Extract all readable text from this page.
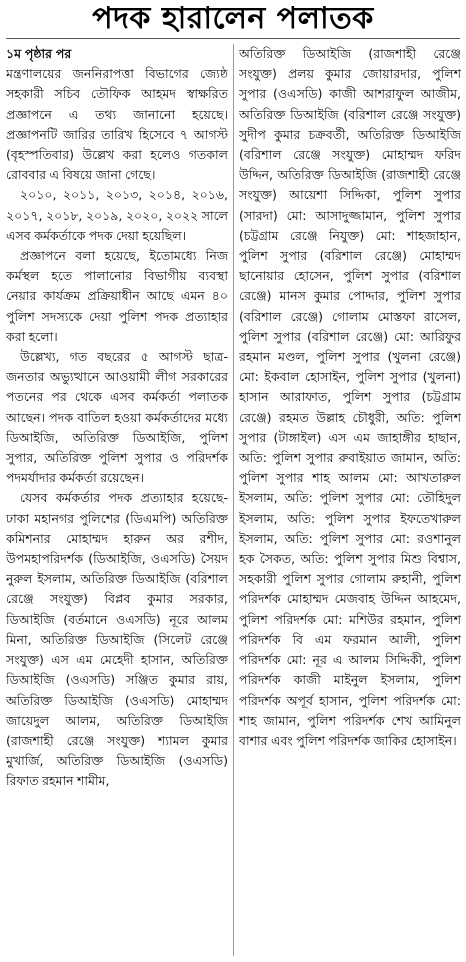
পদক হারালেন পলাতক

১ম পৃষ্ঠার পর
মন্ত্রণালয়ের জননিরাপত্তা বিভাগের জ্যেষ্ঠ সহকারী সচিব তৌফিক আহমদ স্বাক্ষরিত প্রজ্ঞাপনে এ তথ্য জানানো হয়েছে। প্রজ্ঞাপনটি জারির তারিখ হিসেবে ৭ আগস্ট (বৃহস্পতিবার) উল্লেখ করা হলেও গতকাল রোববার এ বিষয়ে জানা গেছে।

২০১০, ২০১১, ২০১৩, ২০১৪, ২০১৬, ২০১৭, ২০১৮, ২০১৯, ২০২০, ২০২২ সালে এসব কর্মকর্তাকে পদক দেয়া হয়েছিল।

প্রজ্ঞাপনে বলা হয়েছে, ইতোমধ্যে নিজ কর্মস্থল হতে পালানোর বিভাগীয় ব্যবস্থা নেয়ার কার্যক্রম প্রক্রিয়াধীন আছে এমন ৪০ পুলিশ সদস্যকে দেয়া পুলিশ পদক প্রত্যাহার করা হলো।

উল্লেখ্য, গত বছরের ৫ আগস্ট ছাত্র-জনতার অভ্যুত্থানে আওয়ামী লীগ সরকারের পতনের পর থেকে এসব কর্মকর্তা পলাতক আছেন। পদক বাতিল হওয়া কর্মকর্তাদের মধ্যে ডিআইজি, অতিরিক্ত ডিআইজি, পুলিশ সুপার, অতিরিক্ত পুলিশ সুপার ও পরিদর্শক পদমর্যাদার কর্মকর্তা রয়েছেন।

যেসব কর্মকর্তার পদক প্রত্যাহার হয়েছে- ঢাকা মহানগর পুলিশের (ডিএমপি) অতিরিক্ত কমিশনার মোহাম্মদ হারুন অর রশীদ, উপমহাপরিদর্শক (ডিআইজি, ওএসডি) সৈয়দ নুরুল ইসলাম, অতিরিক্ত ডিআইজি (বরিশাল রেঞ্জে সংযুক্ত) বিপ্লব কুমার সরকার, ডিআইজি (বর্তমানে ওএসডি) নূরে আলম মিনা, অতিরিক্ত ডিআইজি (সিলেট রেঞ্জে সংযুক্ত) এস এম মেহেদী হাসান, অতিরিক্ত ডিআইজি (ওএসডি) সঞ্জিত কুমার রায়, অতিরিক্ত ডিআইজি (ওএসডি) মোহাম্মদ জায়েদুল আলম, অতিরিক্ত ডিআইজি (রাজশাহী রেঞ্জে সংযুক্ত) শ্যামল কুমার মুখার্জি, অতিরিক্ত ডিআইজি (ওএসডি) রিফাত রহমান শামীম,

অতিরিক্ত ডিআইজি (রাজশাহী রেঞ্জে সংযুক্ত) প্রলয় কুমার জোয়ারদার, পুলিশ সুপার (ওএসডি) কাজী আশরাফুল আজীম, অতিরিক্ত ডিআইজি (বরিশাল রেঞ্জে সংযুক্ত) সুদীপ কুমার চক্রবর্তী, অতিরিক্ত ডিআইজি (বরিশাল রেঞ্জে সংযুক্ত) মোহাম্মদ ফরিদ উদ্দিন, অতিরিক্ত ডিআইজি (রাজশাহী রেঞ্জে সংযুক্ত) আয়েশা সিদ্দিকা, পুলিশ সুপার (সারদা) মো: আসাদুজ্জামান, পুলিশ সুপার (চট্টগ্রাম রেঞ্জে নিযুক্ত) মো: শাহজাহান, পুলিশ সুপার (বরিশাল রেঞ্জে) মোহাম্মদ ছানোয়ার হোসেন, পুলিশ সুপার (বরিশাল রেঞ্জে) মানস কুমার পোদ্দার, পুলিশ সুপার (বরিশাল রেঞ্জে) গোলাম মোস্তফা রাসেল, পুলিশ সুপার (বরিশাল রেঞ্জে) মো: আরিফুর রহমান মণ্ডল, পুলিশ সুপার (খুলনা রেঞ্জে) মো: ইকবাল হোসাইন, পুলিশ সুপার (খুলনা) হাসান আরাফাত, পুলিশ সুপার (চট্টগ্রাম রেঞ্জে) রহমত উল্লাহ চৌধুরী, অতি: পুলিশ সুপার (টাঙ্গাইল) এস এম জাহাঙ্গীর হাছান, অতি: পুলিশ সুপার রুবাইয়াত জামান, অতি: পুলিশ সুপার শাহ আলম মো: আখতারুল ইসলাম, অতি: পুলিশ সুপার মো: তৌহিদুল ইসলাম, অতি: পুলিশ সুপার ইফতেখারুল ইসলাম, অতি: পুলিশ সুপার মো: রওশানুল হক সৈকত, অতি: পুলিশ সুপার মিশু বিশ্বাস, সহকারী পুলিশ সুপার গোলাম রুহানী, পুলিশ পরিদর্শক মোহাম্মদ মেজবাহ উদ্দিন আহমেদ, পুলিশ পরিদর্শক মো: মশিউর রহমান, পুলিশ পরিদর্শক বি এম ফরমান আলী, পুলিশ পরিদর্শক মো: নূর এ আলম সিদ্দিকী, পুলিশ পরিদর্শক কাজী মাইনুল ইসলাম, পুলিশ পরিদর্শক অপূর্ব হাসান, পুলিশ পরিদর্শক মো: শাহ জামান, পুলিশ পরিদর্শক শেখ আমিনুল বাশার এবং পুলিশ পরিদর্শক জাকির হোসাইন।
